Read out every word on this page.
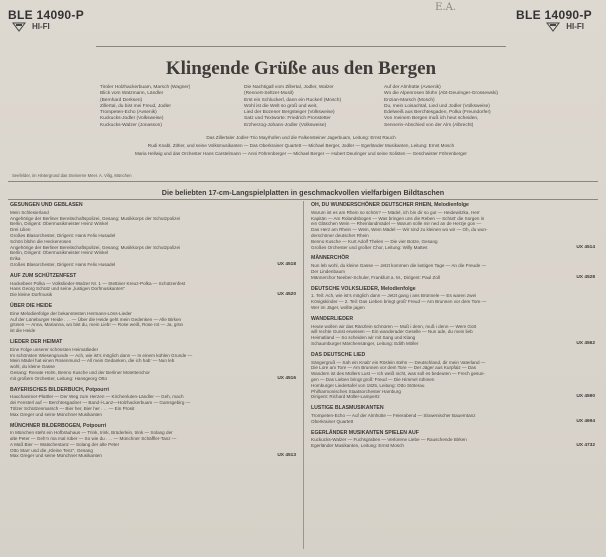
BLE 14090-P
HI-FI
E.A.
BLE 14090-P
HI-FI
Klingende Grüße aus den Bergen
Tiroler Holzhackerbuam, Marsch (Wagner)
Blick vom Watzmann, Ländler
(Bernhard Derksen)
Zillertal, du bist mei Freud, Jodler
Trompeten-Echo (Avsenik)
Kuckucks-Jodler (Volksweise)
Kuckucks-Walzer (Jonasson)
Die Nachtigall vom Zillertal, Jodler, Walzer
(Rennert-Seltzer-Musil)
Erst ein Schluckerl, dann ein Ruckerl (Mosch)
Wohl ist die Welt so groß und weit,
Lied der Bozener Bergsteiger (Volksweise)
Satz und Textworte: Friedrich Pronstetter
Erzherzog-Johann-Jodler (Volksweise)
Auf der Almhütte (Avsenik)
Wo die Alpenrosen blühn (Abt-Deuringer-Grossewski)
Enzian-Marsch (Mosch)
Du, mein Loisachtal, Lied und Jodler (Volksweise)
Edelweiß aus Berchtesgaden, Polka (Freundorfer)
Von meinem Bergen muß ich heut scheiden,
Sennerin-Abschied von der Alm (Albrecht)
Das Zillertaler Jodler-Trio Mayrhofen und die Falkensteiner Jagerbuam, Leitung: Ernst Rauch
Rudi Knabl, Zither, und seine Volksmusikanten — Das Oberkrainer Quartett — Michael Berger, Jodler — Egerländer Musikanten, Leitung: Ernst Mosch
Maria Hellwig und das Orchester Hans Carstelmann — Anni Föhrenberger — Michael Berger — Hubert Deuringer und seine Solisten — Geschwister Föhrenberger
Seefelder, im Hintergrund das Steinerne Meer. A. Vilig, München
Die beliebten 17-cm-Langspielplatten in geschmackvollen vielfarbigen Bildtaschen
GESUNGEN UND GEBLASEN
Mein Schlesierland
Angehörige der Berliner Bereitschaftspolizei, Gesang; Musikkorps der Schutzpolizei
Berlin, Dirigent: Obermusikmeister Heinz Winkel
Drei Lilien
Großes Blasorchester, Dirigent: Hans Felix Husadel
Schön blühn die Heckenrosen
Angehörige der Berliner Bereitschaftspolizei, Gesang; Musikkorps der Schutzpolizei
Berlin, Dirigent: Obermusikmeister Heinz Winkel
Erika
Großes Blasorchester, Dirigent: Hans Felix Husadel	UX 4518
AUF ZUM SCHÜTZENFEST
Hackebeer Polka — Volkslieder-Walzer Nr. 1 — Stettiner Kreuz-Polka — Schützenfest
Hans Georg Schütz und seine „lustigen Dorfmusikanten“
Die kleine Dorfmusik	UX 4520
ÜBER DIE HEIDE
Eine Melodienfolge der bekanntesten Hermann-Löns-Lieder
Auf der Lüneburger Heide . . . — Über die Heide geht mein Gedenken — Alle Birken
grünen — Anna, Marianna, wo bist du, mein Lieb! — Rose weiß, Rose rot — Ja, grün
ist die Heide
LIEDER DER HEIMAT
Eine Folge unserer schönsten Heimatlieder
Im schönsten Wiesengrunde — Ach, wie ist’s möglich dann — In einem kühlen Grunde —
Mein Mädel hat einen Rosenmund — All mein Gedanken, die ich hab’ — Nun leb
wohl, du kleine Gasse
Gesang: Renate Holm, Benno Kusche und der Berliner Motettenchor
mit großem Orchester, Leitung: Hansgeorg Otto	UX 4516
BAYERISCHES BILDERBUCH, Potpourri
Hauchanimer-Plattler — Der Weg zum Herzen — Kirchenluten-Ländler — Geh, mach
dei Fensterl auf — Berchtesgadner — Band-l-Lanz—Holzhackerbuam — Gamsgebirg —
Tölzer Schützenmarsch — Bier her, Bier her . . . — Ein Prosit
Max Greger und seine Münchner Musikanten
MÜNCHNER BILDERBOGEN, Potpourri
In München steht ein Hofbräuhaus — Trink, trink, Brüderlein, trink — Solang der
alte Peter — Geh’n ma mal rüber — So wie du . . . — Münchner Schäffler-Tanz —
A Maß Bier — Watschentanz — Solang der alte Peter
Otto Starr und die „Kleine Tenz“, Gesang
Max Greger und seine Münchner Musikanten	UX 4513
OH, DU WUNDERSCHÖNER DEUTSCHER RHEIN, Melodienfolge
Warum ist es am Rhein so schön? — Mädel, ich bin dir so gut — Heidewitzka, Herr
Kapitän — Am Rolandsbogen — Was bringen uns die Reben — Schütt’ die Sorgen in
ein Gläschen Wein — Rheinlandmädel — Warum solle mir ned an de Herzje gon —
Das Herz am Rhein — Wein, Wein Mädel — Wir sind zu kleinen wo wir — Oh, du wun-
derschöner deutscher Rhein
Benno Kusche — Kurt Adolf Thelen — Die vier Botze, Gesang
Großes Orchester und großer Chor, Leitung: Willy Mattes	UX 4514
MÄNNERCHÖR
Nun leb wohl, du kleine Gasse — Jetzt kommen die lustigen Tage — An die Freude —
Der Lindenbaum
Männerchor Neeber-Schuler, Frankfurt a. M., Dirigent: Paul Zoll	UX 4528
DEUTSCHE VOLKSLIEDER, Melodienfolge
1. Teil: Ach, wie ist’s möglich dann — Jetzt gang i ans Brünnele — Es waren zwei
Königskinder — 2. Teil: Das Lieben bringt groß’ Freud — Am Brunnen vor dem Tore —
Wer im Jäger, wollte jagen
WANDERLIEDER
Heute wollen wir das Ränzlein schnüren — Muß i denn, muß i denn — Wem Gott
will rechte Gunst erweisen — Ein wanderader Geselle — Nun ade, du mein lieb
Heimatland — So scheiden wir mit Sang und Klang
Schaumburger Märchensänger, Leitung: Edith Möller	UX 4562
DAS DEUTSCHE LIED
Sängergruß — Sah ein Knab’ ein Röslein stehn — Deutschland, dir mein Vaterland —
Die Lore am Tore — Am Brunnen vor dem Tore — Der Jäger aus Kurpfalz — Das
Wandern ist des Müllers Lust — Ich weiß nicht, was soll es bedeuten — Frech gesun-
gen — Das Lieben bringt groß’ Freud — Die Himmel rühmen
Homburger Liedertafel von 1825, Leitung: Otto Stöterau
Philharmonisches Staatsorchester Hamburg
Dirigent: Richard Müller-Lampertz	UX 4590
LUSTIGE BLASMUSIKANTEN
Trompeten-Echo — Auf der Almhütte — Feierabend — Slowenischer Bauerntanz
Oberkrainer Quartett	UX 4694
EGERLÄNDER MUSIKANTEN SPIELEN AUF
Kuckucks-Walzer — Fuchsgraben — Verlorene Liebe — Rauschende Birken
Egerländer Musikanten, Leitung: Ernst Mosch	UX 4732
